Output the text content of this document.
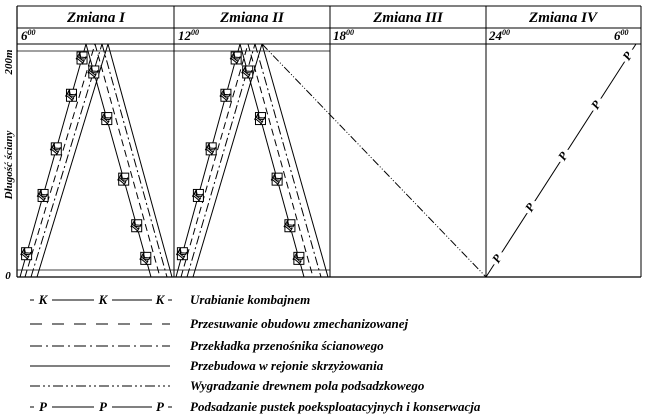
Zmiana I	Zmiana II	Zmiana III	Zmiana IV
$6^{00}$	$12^{00}$	$18^{00}$	$24^{00}$	$6^{00}$
Długość ściany
200m
0
K
K
K
K
K
K
K
K
K
K K
K
K
K
K
K
K
K
K
K	P
P
P
P
P
K	K	K Urabianie kombajnem
Przesuwanie obudowu zmechanizowanej
Przekładka przenośnika ścianowego
Przebudowa w rejonie skrzyżowania
Wygradzanie drewnem pola podsadzkowego
P	P	P Podsadzanie pustek poeksploatacyjnych i konserwacja
